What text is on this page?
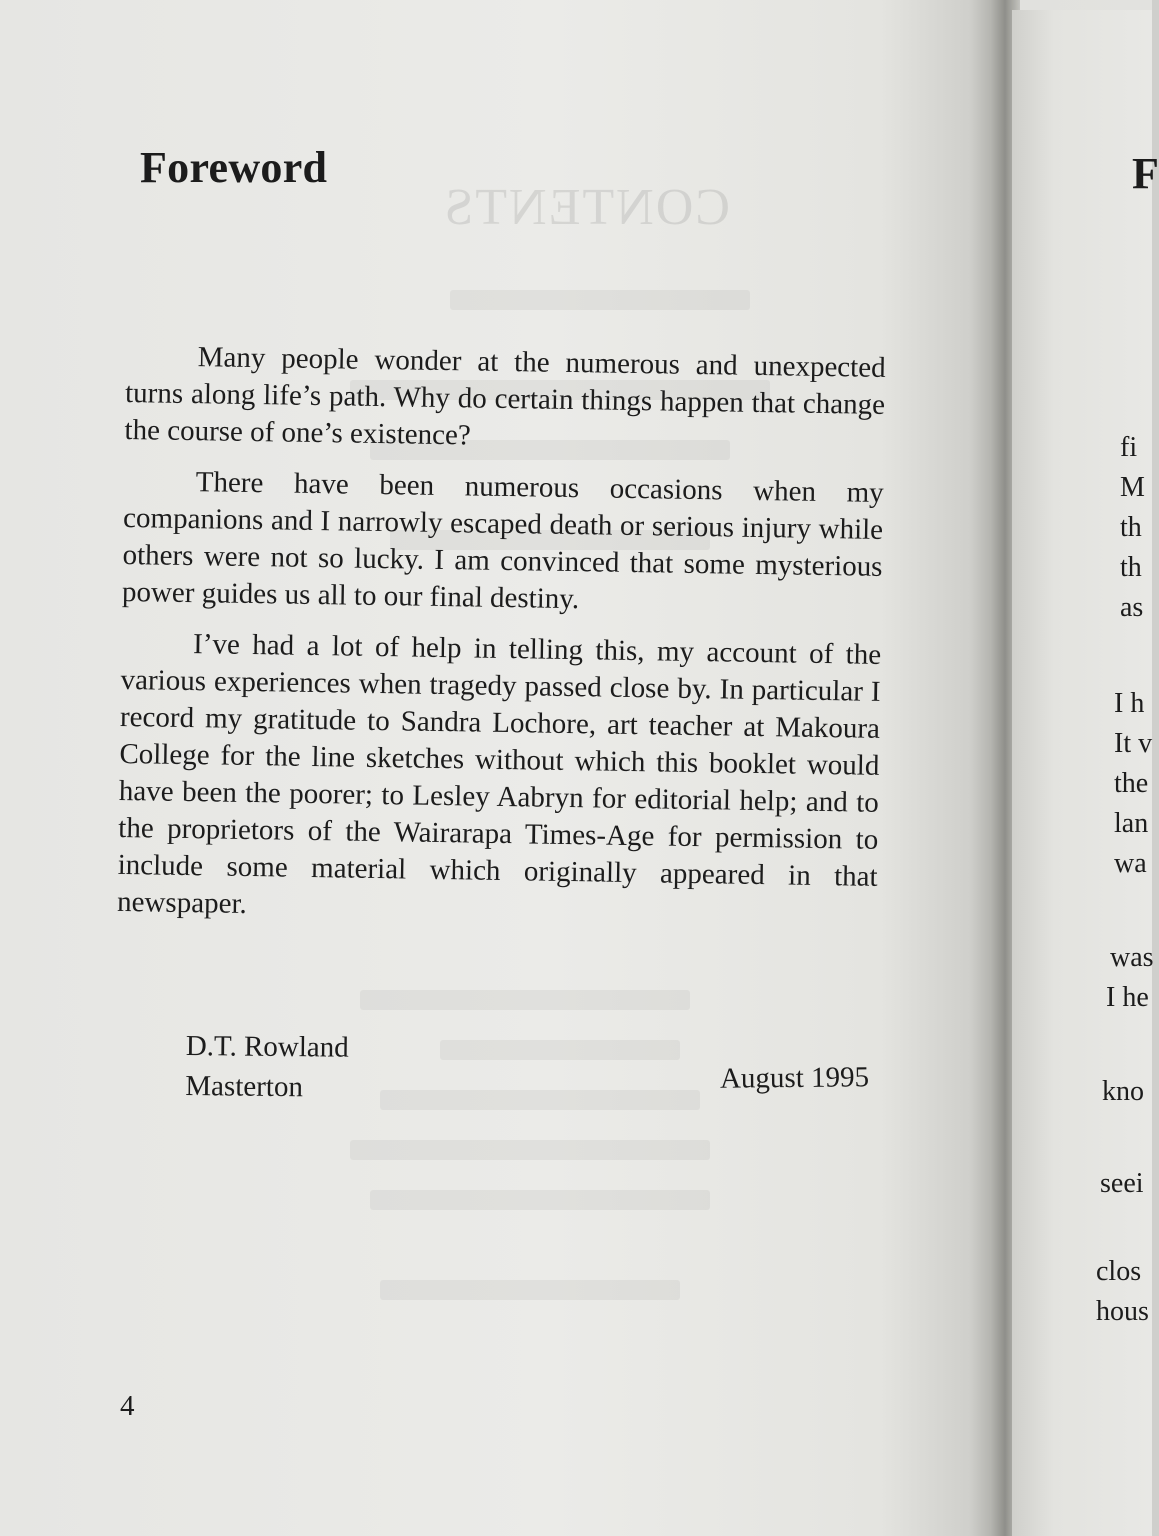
CONTENTS
Foreword

Many people wonder at the numerous and unexpected turns along life’s path. Why do certain things happen that change the course of one’s existence?

There have been numerous occasions when my companions and I narrowly escaped death or serious injury while others were not so lucky. I am convinced that some mysterious power guides us all to our final destiny.

I’ve had a lot of help in telling this, my account of the various experiences when tragedy passed close by. In particular I record my gratitude to Sandra Lochore, art teacher at Makoura College for the line sketches without which this booklet would have been the poorer; to Lesley Aabryn for editorial help; and to the proprietors of the Wairarapa Times-Age for permission to include some material which originally appeared in that newspaper.

D.T. Rowland
Masterton	August 1995
4
F
fi
M
th
th
as
I h
It v
the
lan
wa
was
I he
kno
seei
clos
hous
